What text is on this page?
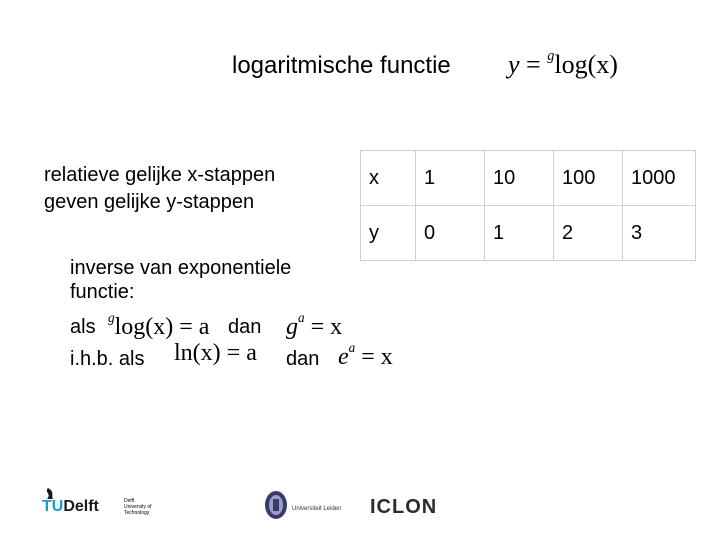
logaritmische functie y = $^g$log(x)
relatieve gelijke x-stappen
geven gelijke y-stappen
inverse van exponentiele
functie:
als $^g$log(x) = a dan $g^a = x$
i.h.b. als ln(x) = a dan $e^a = x$
x	1	10	100	1000
y	0	1	2	3
TUDelft	Delft
University of
Technology
Universiteit Leiden ICLON
